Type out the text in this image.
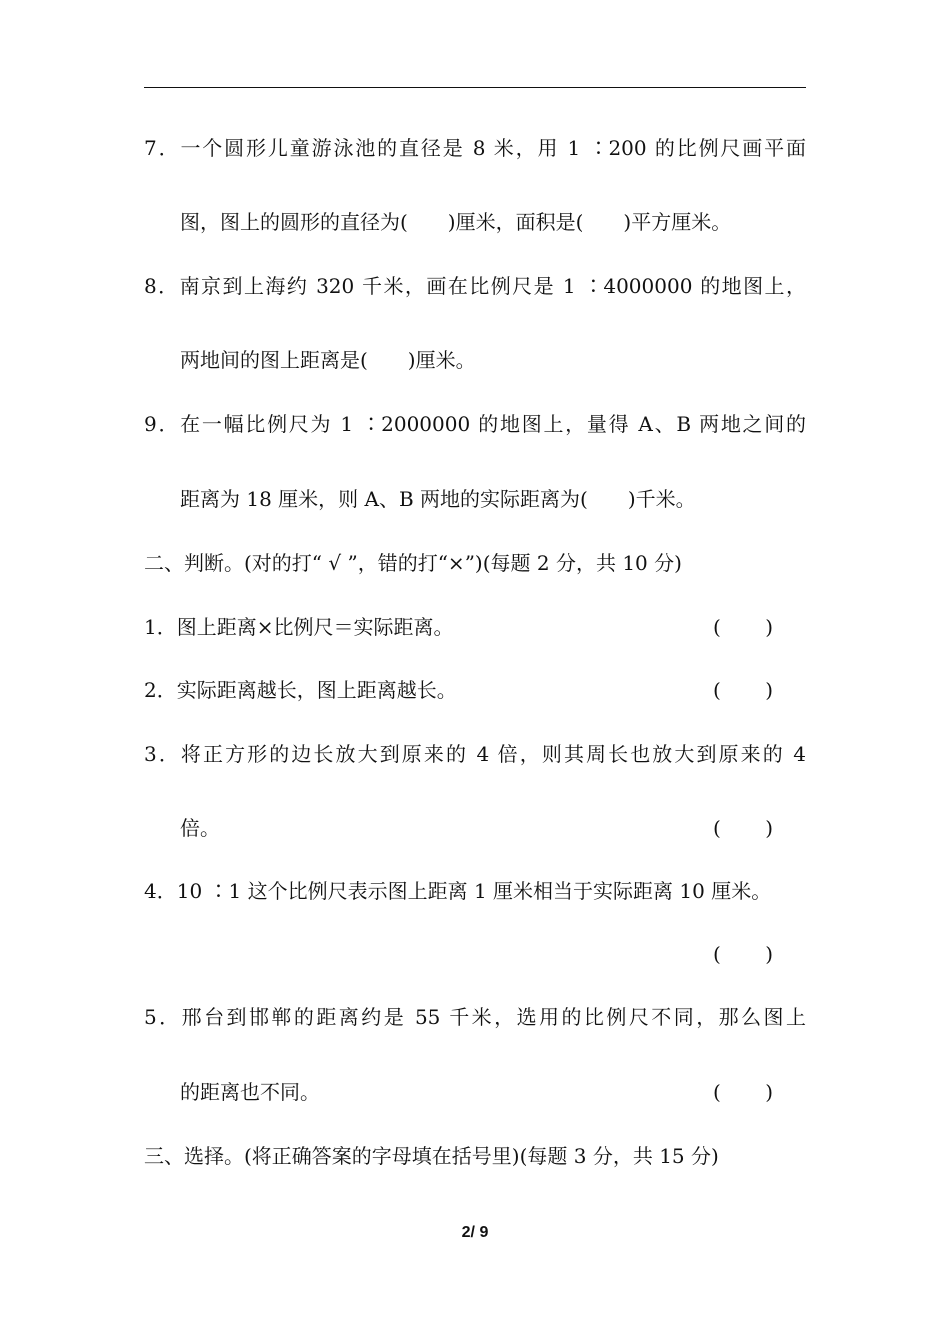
7．一个圆形儿童游泳池的直径是 8 米，用 1 ∶200 的比例尺画平面
图，图上的圆形的直径为(　　)厘米，面积是(　　)平方厘米。
8．南京到上海约 320 千米，画在比例尺是 1 ∶4000000 的地图上，
两地间的图上距离是(　　)厘米。
9．在一幅比例尺为 1 ∶2000000 的地图上，量得 A、B 两地之间的
距离为 18 厘米，则 A、B 两地的实际距离为(　　)千米。
二、判断。(对的打“ √ ”，错的打“×”)(每题 2 分，共 10 分)
1．图上距离×比例尺＝实际距离。	( )
2．实际距离越长，图上距离越长。	( )
3．将正方形的边长放大到原来的 4 倍，则其周长也放大到原来的 4
倍。	( )
4．10 ∶1 这个比例尺表示图上距离 1 厘米相当于实际距离 10 厘米。
( )
5．邢台到邯郸的距离约是 55 千米，选用的比例尺不同，那么图上
的距离也不同。	( )
三、选择。(将正确答案的字母填在括号里)(每题 3 分，共 15 分)
2/ 9
